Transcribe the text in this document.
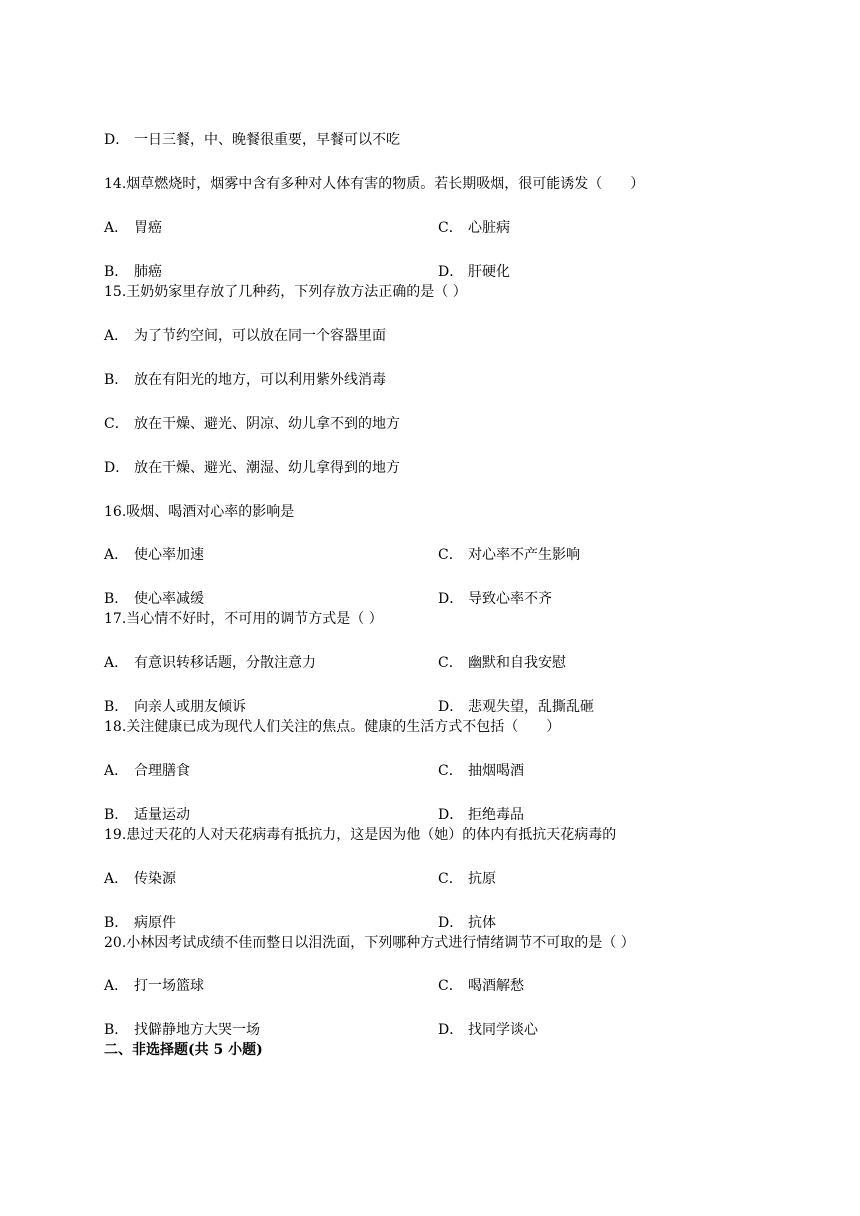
D． 一日三餐，中、晚餐很重要，早餐可以不吃
14.烟草燃烧时，烟雾中含有多种对人体有害的物质。若长期吸烟，很可能诱发（　　）
A． 胃癌	C． 心脏病
B． 肺癌	D． 肝硬化
15.王奶奶家里存放了几种药，下列存放方法正确的是（ ）
A． 为了节约空间，可以放在同一个容器里面
B． 放在有阳光的地方，可以利用紫外线消毒
C． 放在干燥、避光、阴凉、幼儿拿不到的地方
D． 放在干燥、避光、潮湿、幼儿拿得到的地方
16.吸烟、喝酒对心率的影响是
A． 使心率加速	C． 对心率不产生影响
B． 使心率减缓	D． 导致心率不齐
17.当心情不好时，不可用的调节方式是（ ）
A． 有意识转移话题，分散注意力	C． 幽默和自我安慰
B． 向亲人或朋友倾诉	D． 悲观失望，乱撕乱砸
18.关注健康已成为现代人们关注的焦点。健康的生活方式不包括（　　）
A． 合理膳食	C． 抽烟喝酒
B． 适量运动	D． 拒绝毒品
19.患过天花的人对天花病毒有抵抗力，这是因为他（她）的体内有抵抗天花病毒的
A． 传染源	C． 抗原
B． 病原件	D． 抗体
20.小林因考试成绩不佳而整日以泪洗面，下列哪种方式进行情绪调节不可取的是（ ）
A． 打一场篮球	C． 喝酒解愁
B． 找僻静地方大哭一场	D． 找同学谈心
二、非选择题(共 5 小题)
